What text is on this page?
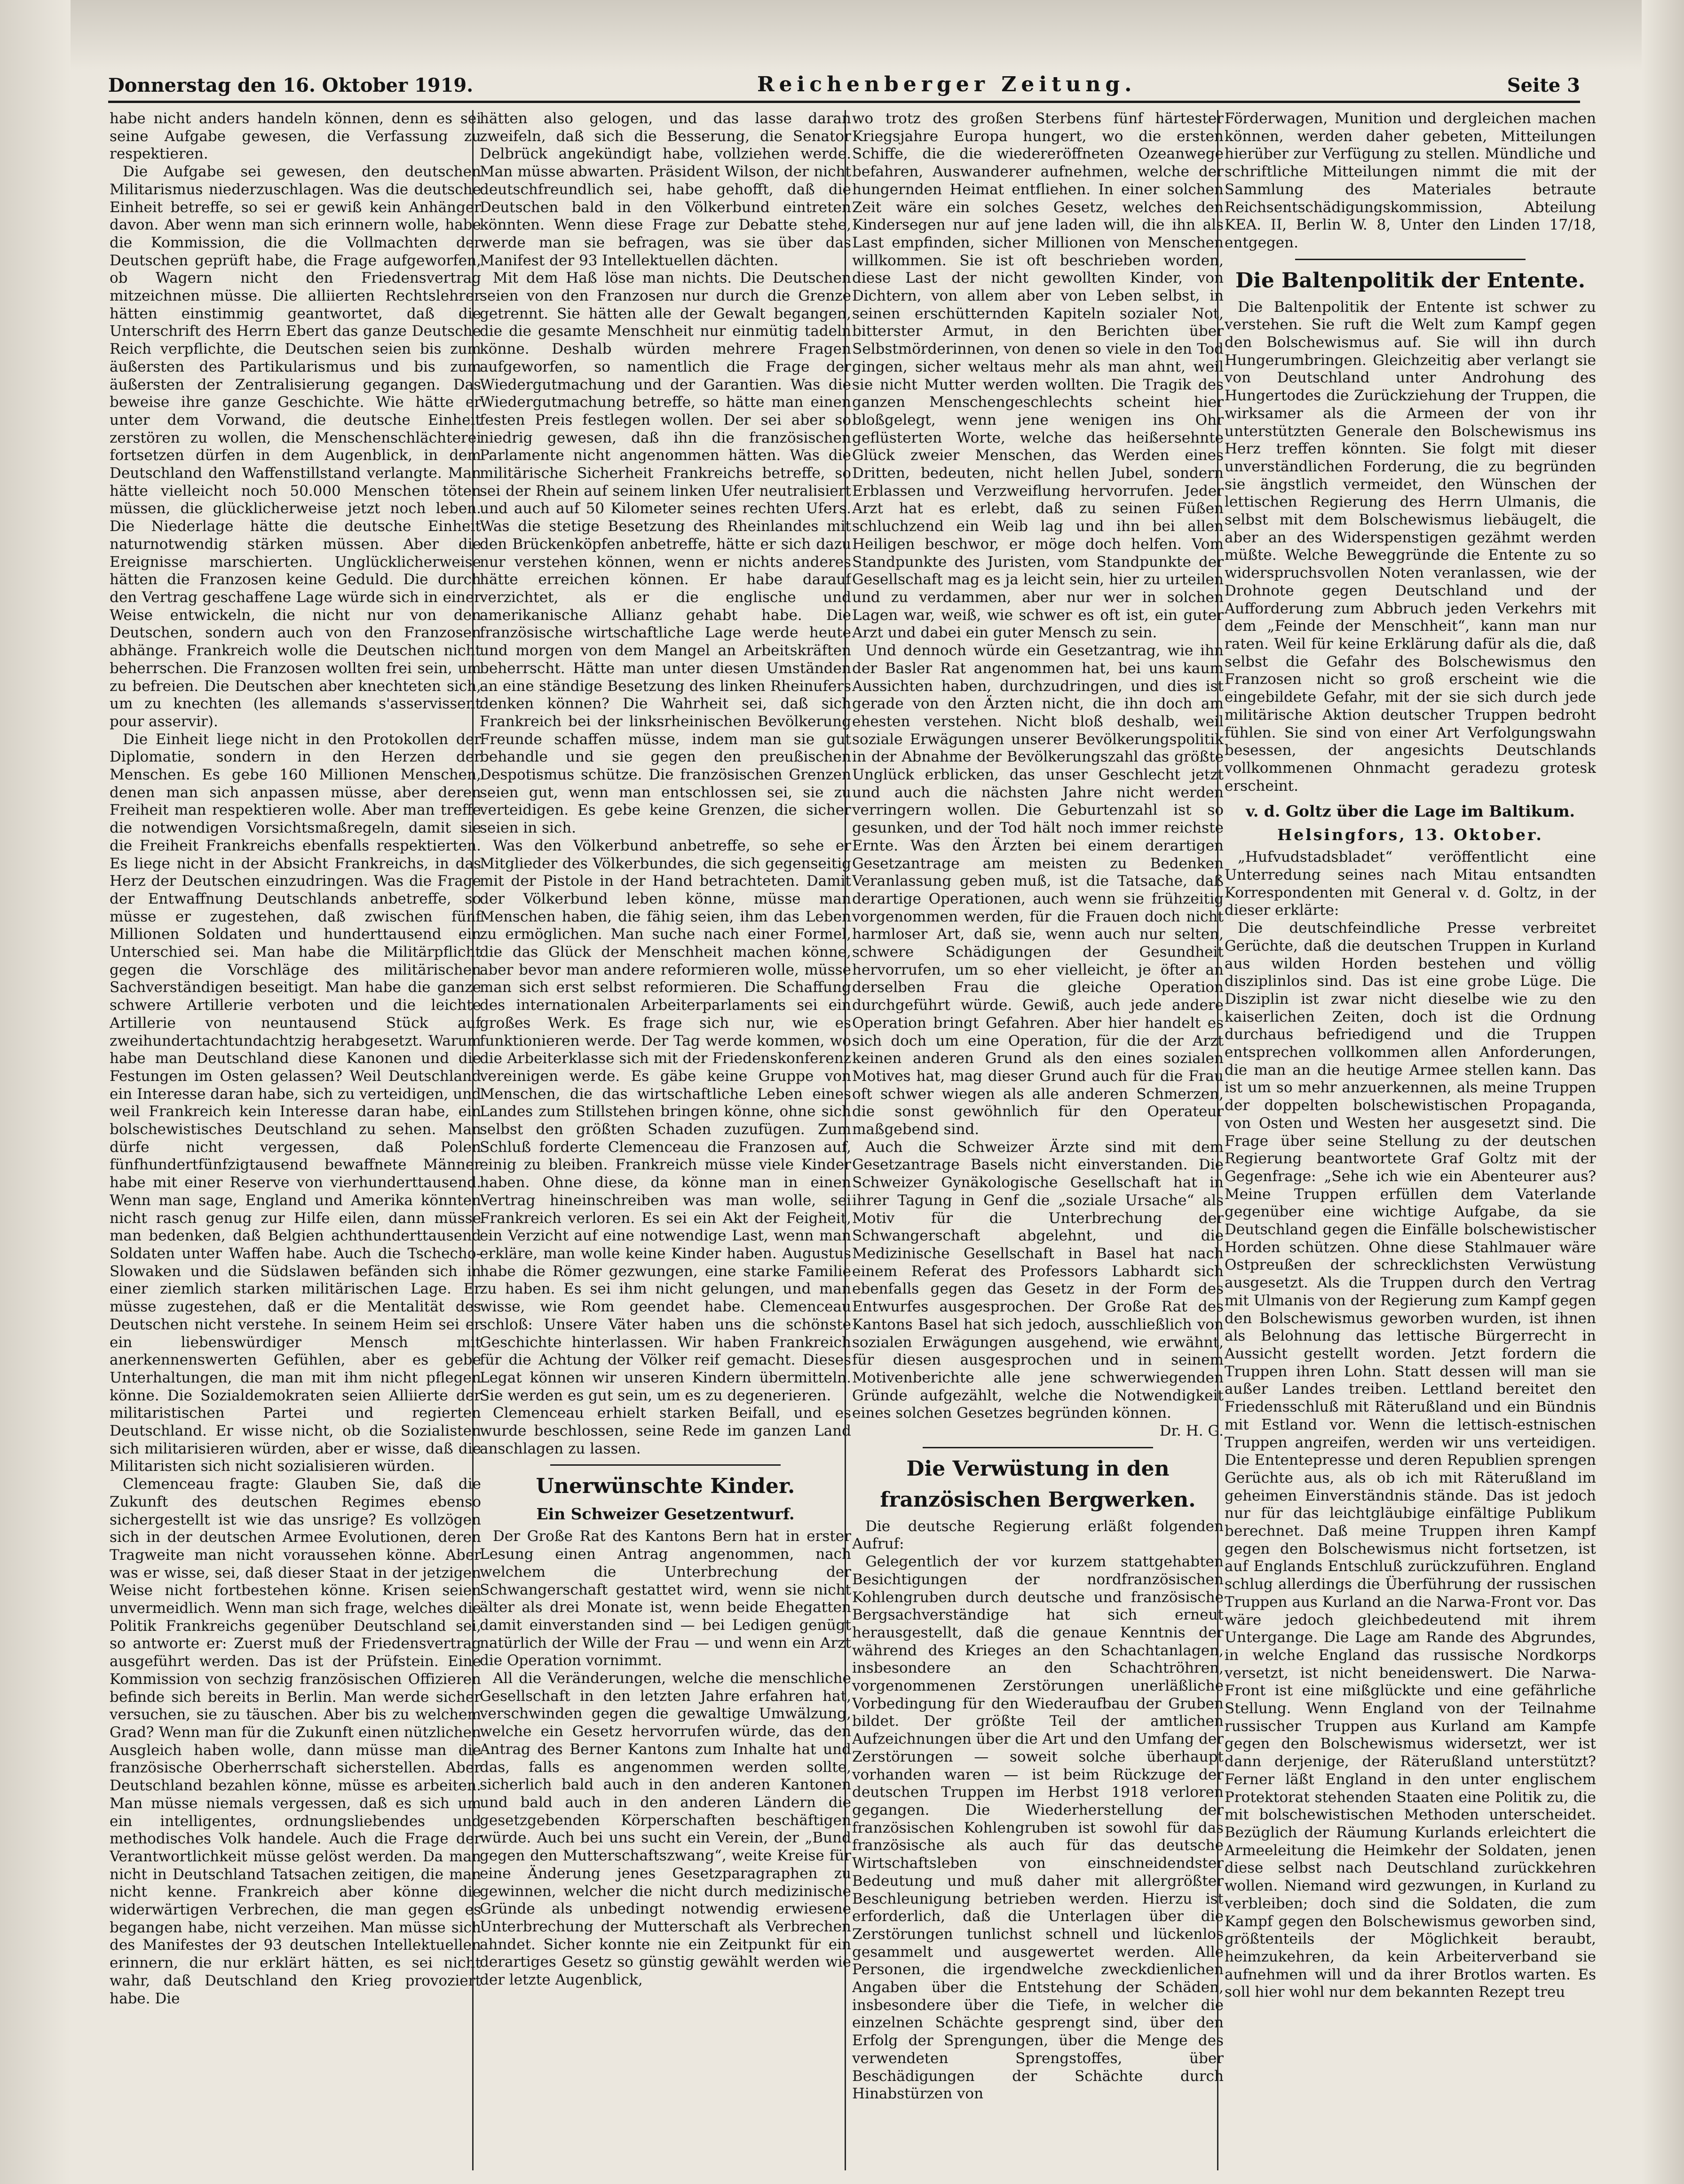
Donnerstag den 16. Oktober 1919.	Reichenberger Zeitung.	Seite 3

habe nicht anders handeln können, denn es sei seine Aufgabe gewesen, die Verfassung zu respektieren.

Die Aufgabe sei gewesen, den deutschen Militarismus niederzuschlagen. Was die deutsche Einheit betreffe, so sei er gewiß kein Anhänger davon. Aber wenn man sich erinnern wolle, habe die Kommission, die die Vollmachten der Deutschen geprüft habe, die Frage aufgeworfen, ob Wagern nicht den Friedensvertrag mitzeichnen müsse. Die alliierten Rechtslehrer hätten einstimmig geantwortet, daß die Unterschrift des Herrn Ebert das ganze Deutsche Reich verpflichte, die Deutschen seien bis zum äußersten des Partikularismus und bis zum äußersten der Zentralisierung gegangen. Das beweise ihre ganze Geschichte. Wie hätte er unter dem Vorwand, die deutsche Einheit zerstören zu wollen, die Menschenschlächterei fortsetzen dürfen in dem Augenblick, in dem Deutschland den Waffenstillstand verlangte. Man hätte vielleicht noch 50.000 Menschen töten müssen, die glücklicherweise jetzt noch leben. Die Niederlage hätte die deutsche Einheit naturnotwendig stärken müssen. Aber die Ereignisse marschierten. Unglücklicherweise hätten die Franzosen keine Geduld. Die durch den Vertrag geschaffene Lage würde sich in einer Weise entwickeln, die nicht nur von den Deutschen, sondern auch von den Franzosen abhänge. Frankreich wolle die Deutschen nicht beherrschen. Die Franzosen wollten frei sein, um zu befreien. Die Deutschen aber knechteten sich, um zu knechten (les allemands s'asservissent pour asservir).

Die Einheit liege nicht in den Protokollen der Diplomatie, sondern in den Herzen der Menschen. Es gebe 160 Millionen Menschen, denen man sich anpassen müsse, aber deren Freiheit man respektieren wolle. Aber man treffe die notwendigen Vorsichtsmaßregeln, damit sie die Freiheit Frankreichs ebenfalls respektierten. Es liege nicht in der Absicht Frankreichs, in das Herz der Deutschen einzudringen. Was die Frage der Entwaffnung Deutschlands anbetreffe, so müsse er zugestehen, daß zwischen fünf Millionen Soldaten und hunderttausend ein Unterschied sei. Man habe die Militärpflicht gegen die Vorschläge des militärischen Sachverständigen beseitigt. Man habe die ganze schwere Artillerie verboten und die leichte Artillerie von neuntausend Stück auf zweihundertachtundachtzig herabgesetzt. Warum habe man Deutschland diese Kanonen und die Festungen im Osten gelassen? Weil Deutschland ein Interesse daran habe, sich zu verteidigen, und weil Frankreich kein Interesse daran habe, ein bolschewistisches Deutschland zu sehen. Man dürfe nicht vergessen, daß Polen fünfhundertfünfzigtausend bewaffnete Männer habe mit einer Reserve von vierhunderttausend. Wenn man sage, England und Amerika könnten nicht rasch genug zur Hilfe eilen, dann müsse man bedenken, daß Belgien achthunderttausend Soldaten unter Waffen habe. Auch die Tschecho-Slowaken und die Südslawen befänden sich in einer ziemlich starken militärischen Lage. Er müsse zugestehen, daß er die Mentalität des Deutschen nicht verstehe. In seinem Heim sei er ein liebenswürdiger Mensch mit anerkennenswerten Gefühlen, aber es gebe Unterhaltungen, die man mit ihm nicht pflegen könne. Die Sozialdemokraten seien Alliierte der militaristischen Partei und regierten Deutschland. Er wisse nicht, ob die Sozialisten sich militarisieren würden, aber er wisse, daß die Militaristen sich nicht sozialisieren würden.

Clemenceau fragte: Glauben Sie, daß die Zukunft des deutschen Regimes ebenso sichergestellt ist wie das unsrige? Es vollzögen sich in der deutschen Armee Evolutionen, deren Tragweite man nicht voraussehen könne. Aber was er wisse, sei, daß dieser Staat in der jetzigen Weise nicht fortbestehen könne. Krisen seien unvermeidlich. Wenn man sich frage, welches die Politik Frankreichs gegenüber Deutschland sei, so antworte er: Zuerst muß der Friedensvertrag ausgeführt werden. Das ist der Prüfstein. Eine Kommission von sechzig französischen Offizieren befinde sich bereits in Berlin. Man werde sicher versuchen, sie zu täuschen. Aber bis zu welchem Grad? Wenn man für die Zukunft einen nützlichen Ausgleich haben wolle, dann müsse man die französische Oberherrschaft sicherstellen. Aber Deutschland bezahlen könne, müsse es arbeiten. Man müsse niemals vergessen, daß es sich um ein intelligentes, ordnungsliebendes und methodisches Volk handele. Auch die Frage der Verantwortlichkeit müsse gelöst werden. Da man nicht in Deutschland Tatsachen zeitigen, die man nicht kenne. Frankreich aber könne die widerwärtigen Verbrechen, die man gegen es begangen habe, nicht verzeihen. Man müsse sich des Manifestes der 93 deutschen Intellektuellen erinnern, die nur erklärt hätten, es sei nicht wahr, daß Deutschland den Krieg provoziert habe. Die

hätten also gelogen, und das lasse daran zweifeln, daß sich die Besserung, die Senator Delbrück angekündigt habe, vollziehen werde. Man müsse abwarten. Präsident Wilson, der nicht deutschfreundlich sei, habe gehofft, daß die Deutschen bald in den Völkerbund eintreten könnten. Wenn diese Frage zur Debatte stehe, werde man sie befragen, was sie über das Manifest der 93 Intellektuellen dächten.

Mit dem Haß löse man nichts. Die Deutschen seien von den Franzosen nur durch die Grenze getrennt. Sie hätten alle der Gewalt begangen, die die gesamte Menschheit nur einmütig tadeln könne. Deshalb würden mehrere Fragen aufgeworfen, so namentlich die Frage der Wiedergutmachung und der Garantien. Was die Wiedergutmachung betreffe, so hätte man einen festen Preis festlegen wollen. Der sei aber so niedrig gewesen, daß ihn die französischen Parlamente nicht angenommen hätten. Was die militärische Sicherheit Frankreichs betreffe, so sei der Rhein auf seinem linken Ufer neutralisiert und auch auf 50 Kilometer seines rechten Ufers. Was die stetige Besetzung des Rheinlandes mit den Brückenköpfen anbetreffe, hätte er sich dazu nur verstehen können, wenn er nichts anderes hätte erreichen können. Er habe darauf verzichtet, als er die englische und amerikanische Allianz gehabt habe. Die französische wirtschaftliche Lage werde heute und morgen von dem Mangel an Arbeitskräften beherrscht. Hätte man unter diesen Umständen an eine ständige Besetzung des linken Rheinufers denken können? Die Wahrheit sei, daß sich Frankreich bei der linksrheinischen Bevölkerung Freunde schaffen müsse, indem man sie gut behandle und sie gegen den preußischen Despotismus schütze. Die französischen Grenzen seien gut, wenn man entschlossen sei, sie zu verteidigen. Es gebe keine Grenzen, die sicher seien in sich.

Was den Völkerbund anbetreffe, so sehe er Mitglieder des Völkerbundes, die sich gegenseitig mit der Pistole in der Hand betrachteten. Damit der Völkerbund leben könne, müsse man Menschen haben, die fähig seien, ihm das Leben zu ermöglichen. Man suche nach einer Formel, die das Glück der Menschheit machen könne, aber bevor man andere reformieren wolle, müsse man sich erst selbst reformieren. Die Schaffung des internationalen Arbeiterparlaments sei ein großes Werk. Es frage sich nur, wie es funktionieren werde. Der Tag werde kommen, wo die Arbeiterklasse sich mit der Friedenskonferenz vereinigen werde. Es gäbe keine Gruppe von Menschen, die das wirtschaftliche Leben eines Landes zum Stillstehen bringen könne, ohne sich selbst den größten Schaden zuzufügen. Zum Schluß forderte Clemenceau die Franzosen auf, einig zu bleiben. Frankreich müsse viele Kinder haben. Ohne diese, da könne man in einen Vertrag hineinschreiben was man wolle, sei Frankreich verloren. Es sei ein Akt der Feigheit, ein Verzicht auf eine notwendige Last, wenn man erkläre, man wolle keine Kinder haben. Augustus habe die Römer gezwungen, eine starke Familie zu haben. Es sei ihm nicht gelungen, und man wisse, wie Rom geendet habe. Clemenceau schloß: Unsere Väter haben uns die schönste Geschichte hinterlassen. Wir haben Frankreich für die Achtung der Völker reif gemacht. Dieses Legat können wir unseren Kindern übermitteln. Sie werden es gut sein, um es zu degenerieren.

Clemenceau erhielt starken Beifall, und es wurde beschlossen, seine Rede im ganzen Land anschlagen zu lassen.

Unerwünschte Kinder.
Ein Schweizer Gesetzentwurf.

Der Große Rat des Kantons Bern hat in erster Lesung einen Antrag angenommen, nach welchem die Unterbrechung der Schwangerschaft gestattet wird, wenn sie nicht älter als drei Monate ist, wenn beide Ehegatten damit einverstanden sind — bei Ledigen genügt natürlich der Wille der Frau — und wenn ein Arzt die Operation vornimmt.

All die Veränderungen, welche die menschliche Gesellschaft in den letzten Jahre erfahren hat, verschwinden gegen die gewaltige Umwälzung, welche ein Gesetz hervorrufen würde, das den Antrag des Berner Kantons zum Inhalte hat und das, falls es angenommen werden sollte, sicherlich bald auch in den anderen Kantonen und bald auch in den anderen Ländern die gesetzgebenden Körperschaften beschäftigen würde. Auch bei uns sucht ein Verein, der „Bund gegen den Mutterschaftszwang“, weite Kreise für eine Änderung jenes Gesetzparagraphen zu gewinnen, welcher die nicht durch medizinische Gründe als unbedingt notwendig erwiesene Unterbrechung der Mutterschaft als Verbrechen ahndet. Sicher konnte nie ein Zeitpunkt für ein derartiges Gesetz so günstig gewählt werden wie der letzte Augenblick,

wo trotz des großen Sterbens fünf härtester Kriegsjahre Europa hungert, wo die ersten Schiffe, die die wiedereröffneten Ozeanwege befahren, Auswanderer aufnehmen, welche der hungernden Heimat entfliehen. In einer solchen Zeit wäre ein solches Gesetz, welches den Kindersegen nur auf jene laden will, die ihn als Last empfinden, sicher Millionen von Menschen willkommen. Sie ist oft beschrieben worden, diese Last der nicht gewollten Kinder, von Dichtern, von allem aber von Leben selbst, in seinen erschütternden Kapiteln sozialer Not, bitterster Armut, in den Berichten über Selbstmörderinnen, von denen so viele in den Tod gingen, sicher weltaus mehr als man ahnt, weil sie nicht Mutter werden wollten. Die Tragik des ganzen Menschengeschlechts scheint hier bloßgelegt, wenn jene wenigen ins Ohr geflüsterten Worte, welche das heißersehnte Glück zweier Menschen, das Werden eines Dritten, bedeuten, nicht hellen Jubel, sondern Erblassen und Verzweiflung hervorrufen. Jeder Arzt hat es erlebt, daß zu seinen Füßen schluchzend ein Weib lag und ihn bei allen Heiligen beschwor, er möge doch helfen. Vom Standpunkte des Juristen, vom Standpunkte der Gesellschaft mag es ja leicht sein, hier zu urteilen und zu verdammen, aber nur wer in solchen Lagen war, weiß, wie schwer es oft ist, ein guter Arzt und dabei ein guter Mensch zu sein.

Und dennoch würde ein Gesetzantrag, wie ihn der Basler Rat angenommen hat, bei uns kaum Aussichten haben, durchzudringen, und dies ist gerade von den Ärzten nicht, die ihn doch am ehesten verstehen. Nicht bloß deshalb, weil soziale Erwägungen unserer Bevölkerungspolitik in der Abnahme der Bevölkerungszahl das größte Unglück erblicken, das unser Geschlecht jetzt und auch die nächsten Jahre nicht werden verringern wollen. Die Geburtenzahl ist so gesunken, und der Tod hält noch immer reichste Ernte. Was den Ärzten bei einem derartigen Gesetzantrage am meisten zu Bedenken Veranlassung geben muß, ist die Tatsache, daß derartige Operationen, auch wenn sie frühzeitig vorgenommen werden, für die Frauen doch nicht harmloser Art, daß sie, wenn auch nur selten, schwere Schädigungen der Gesundheit hervorrufen, um so eher vielleicht, je öfter an derselben Frau die gleiche Operation durchgeführt würde. Gewiß, auch jede andere Operation bringt Gefahren. Aber hier handelt es sich doch um eine Operation, für die der Arzt keinen anderen Grund als den eines sozialen Motives hat, mag dieser Grund auch für die Frau oft schwer wiegen als alle anderen Schmerzen, die sonst gewöhnlich für den Operateur maßgebend sind.

Auch die Schweizer Ärzte sind mit dem Gesetzantrage Basels nicht einverstanden. Die Schweizer Gynäkologische Gesellschaft hat in ihrer Tagung in Genf die „soziale Ursache“ als Motiv für die Unterbrechung der Schwangerschaft abgelehnt, und die Medizinische Gesellschaft in Basel hat nach einem Referat des Professors Labhardt sich ebenfalls gegen das Gesetz in der Form des Entwurfes ausgesprochen. Der Große Rat des Kantons Basel hat sich jedoch, ausschließlich von sozialen Erwägungen ausgehend, wie erwähnt, für diesen ausgesprochen und in seinem Motivenberichte alle jene schwerwiegenden Gründe aufgezählt, welche die Notwendigkeit eines solchen Gesetzes begründen können.

Dr. H. G.

Die Verwüstung in den
französischen Bergwerken.

Die deutsche Regierung erläßt folgenden Aufruf:

Gelegentlich der vor kurzem stattgehabten Besichtigungen der nordfranzösischen Kohlengruben durch deutsche und französische Bergsachverständige hat sich erneut herausgestellt, daß die genaue Kenntnis der während des Krieges an den Schachtanlagen, insbesondere an den Schachtröhren, vorgenommenen Zerstörungen unerläßliche Vorbedingung für den Wiederaufbau der Gruben bildet. Der größte Teil der amtlichen Aufzeichnungen über die Art und den Umfang der Zerstörungen — soweit solche überhaupt vorhanden waren — ist beim Rückzuge der deutschen Truppen im Herbst 1918 verloren gegangen. Die Wiederherstellung der französischen Kohlengruben ist sowohl für das französische als auch für das deutsche Wirtschaftsleben von einschneidendster Bedeutung und muß daher mit allergrößter Beschleunigung betrieben werden. Hierzu ist erforderlich, daß die Unterlagen über die Zerstörungen tunlichst schnell und lückenlos gesammelt und ausgewertet werden. Alle Personen, die irgendwelche zweckdienlichen Angaben über die Entstehung der Schäden, insbesondere über die Tiefe, in welcher die einzelnen Schächte gesprengt sind, über den Erfolg der Sprengungen, über die Menge des verwendeten Sprengstoffes, über Beschädigungen der Schächte durch Hinabstürzen von

Förderwagen, Munition und dergleichen machen können, werden daher gebeten, Mitteilungen hierüber zur Verfügung zu stellen. Mündliche und schriftliche Mitteilungen nimmt die mit der Sammlung des Materiales betraute Reichsentschädigungskommission, Abteilung KEA. II, Berlin W. 8, Unter den Linden 17/18, entgegen.

Die Baltenpolitik der Entente.

Die Baltenpolitik der Entente ist schwer zu verstehen. Sie ruft die Welt zum Kampf gegen den Bolschewismus auf. Sie will ihn durch Hungerumbringen. Gleichzeitig aber verlangt sie von Deutschland unter Androhung des Hungertodes die Zurückziehung der Truppen, die wirksamer als die Armeen der von ihr unterstützten Generale den Bolschewismus ins Herz treffen könnten. Sie folgt mit dieser unverständlichen Forderung, die zu begründen sie ängstlich vermeidet, den Wünschen der lettischen Regierung des Herrn Ulmanis, die selbst mit dem Bolschewismus liebäugelt, die aber an des Widerspenstigen gezähmt werden müßte. Welche Beweggründe die Entente zu so widerspruchsvollen Noten veranlassen, wie der Drohnote gegen Deutschland und der Aufforderung zum Abbruch jeden Verkehrs mit dem „Feinde der Menschheit“, kann man nur raten. Weil für keine Erklärung dafür als die, daß selbst die Gefahr des Bolschewismus den Franzosen nicht so groß erscheint wie die eingebildete Gefahr, mit der sie sich durch jede militärische Aktion deutscher Truppen bedroht fühlen. Sie sind von einer Art Verfolgungswahn besessen, der angesichts Deutschlands vollkommenen Ohnmacht geradezu grotesk erscheint.

v. d. Goltz über die Lage im Baltikum.
Helsingfors, 13. Oktober.

„Hufvudstadsbladet“ veröffentlicht eine Unterredung seines nach Mitau entsandten Korrespondenten mit General v. d. Goltz, in der dieser erklärte:

Die deutschfeindliche Presse verbreitet Gerüchte, daß die deutschen Truppen in Kurland aus wilden Horden bestehen und völlig disziplinlos sind. Das ist eine grobe Lüge. Die Disziplin ist zwar nicht dieselbe wie zu den kaiserlichen Zeiten, doch ist die Ordnung durchaus befriedigend und die Truppen entsprechen vollkommen allen Anforderungen, die man an die heutige Armee stellen kann. Das ist um so mehr anzuerkennen, als meine Truppen der doppelten bolschewistischen Propaganda, von Osten und Westen her ausgesetzt sind. Die Frage über seine Stellung zu der deutschen Regierung beantwortete Graf Goltz mit der Gegenfrage: „Sehe ich wie ein Abenteurer aus? Meine Truppen erfüllen dem Vaterlande gegenüber eine wichtige Aufgabe, da sie Deutschland gegen die Einfälle bolschewistischer Horden schützen. Ohne diese Stahlmauer wäre Ostpreußen der schrecklichsten Verwüstung ausgesetzt. Als die Truppen durch den Vertrag mit Ulmanis von der Regierung zum Kampf gegen den Bolschewismus geworben wurden, ist ihnen als Belohnung das lettische Bürgerrecht in Aussicht gestellt worden. Jetzt fordern die Truppen ihren Lohn. Statt dessen will man sie außer Landes treiben. Lettland bereitet den Friedensschluß mit Räterußland und ein Bündnis mit Estland vor. Wenn die lettisch-estnischen Truppen angreifen, werden wir uns verteidigen. Die Ententepresse und deren Republien sprengen Gerüchte aus, als ob ich mit Räterußland im geheimen Einverständnis stände. Das ist jedoch nur für das leichtgläubige einfältige Publikum berechnet. Daß meine Truppen ihren Kampf gegen den Bolschewismus nicht fortsetzen, ist auf Englands Entschluß zurückzuführen. England schlug allerdings die Überführung der russischen Truppen aus Kurland an die Narwa-Front vor. Das wäre jedoch gleichbedeutend mit ihrem Untergange. Die Lage am Rande des Abgrundes, in welche England das russische Nordkorps versetzt, ist nicht beneidenswert. Die Narwa-Front ist eine mißglückte und eine gefährliche Stellung. Wenn England von der Teilnahme russischer Truppen aus Kurland am Kampfe gegen den Bolschewismus widersetzt, wer ist dann derjenige, der Räterußland unterstützt? Ferner läßt England in den unter englischem Protektorat stehenden Staaten eine Politik zu, die mit bolschewistischen Methoden unterscheidet. Bezüglich der Räumung Kurlands erleichtert die Armeeleitung die Heimkehr der Soldaten, jenen diese selbst nach Deutschland zurückkehren wollen. Niemand wird gezwungen, in Kurland zu verbleiben; doch sind die Soldaten, die zum Kampf gegen den Bolschewismus geworben sind, größtenteils der Möglichkeit beraubt, heimzukehren, da kein Arbeiterverband sie aufnehmen will und da ihrer Brotlos warten. Es soll hier wohl nur dem bekannten Rezept treu
